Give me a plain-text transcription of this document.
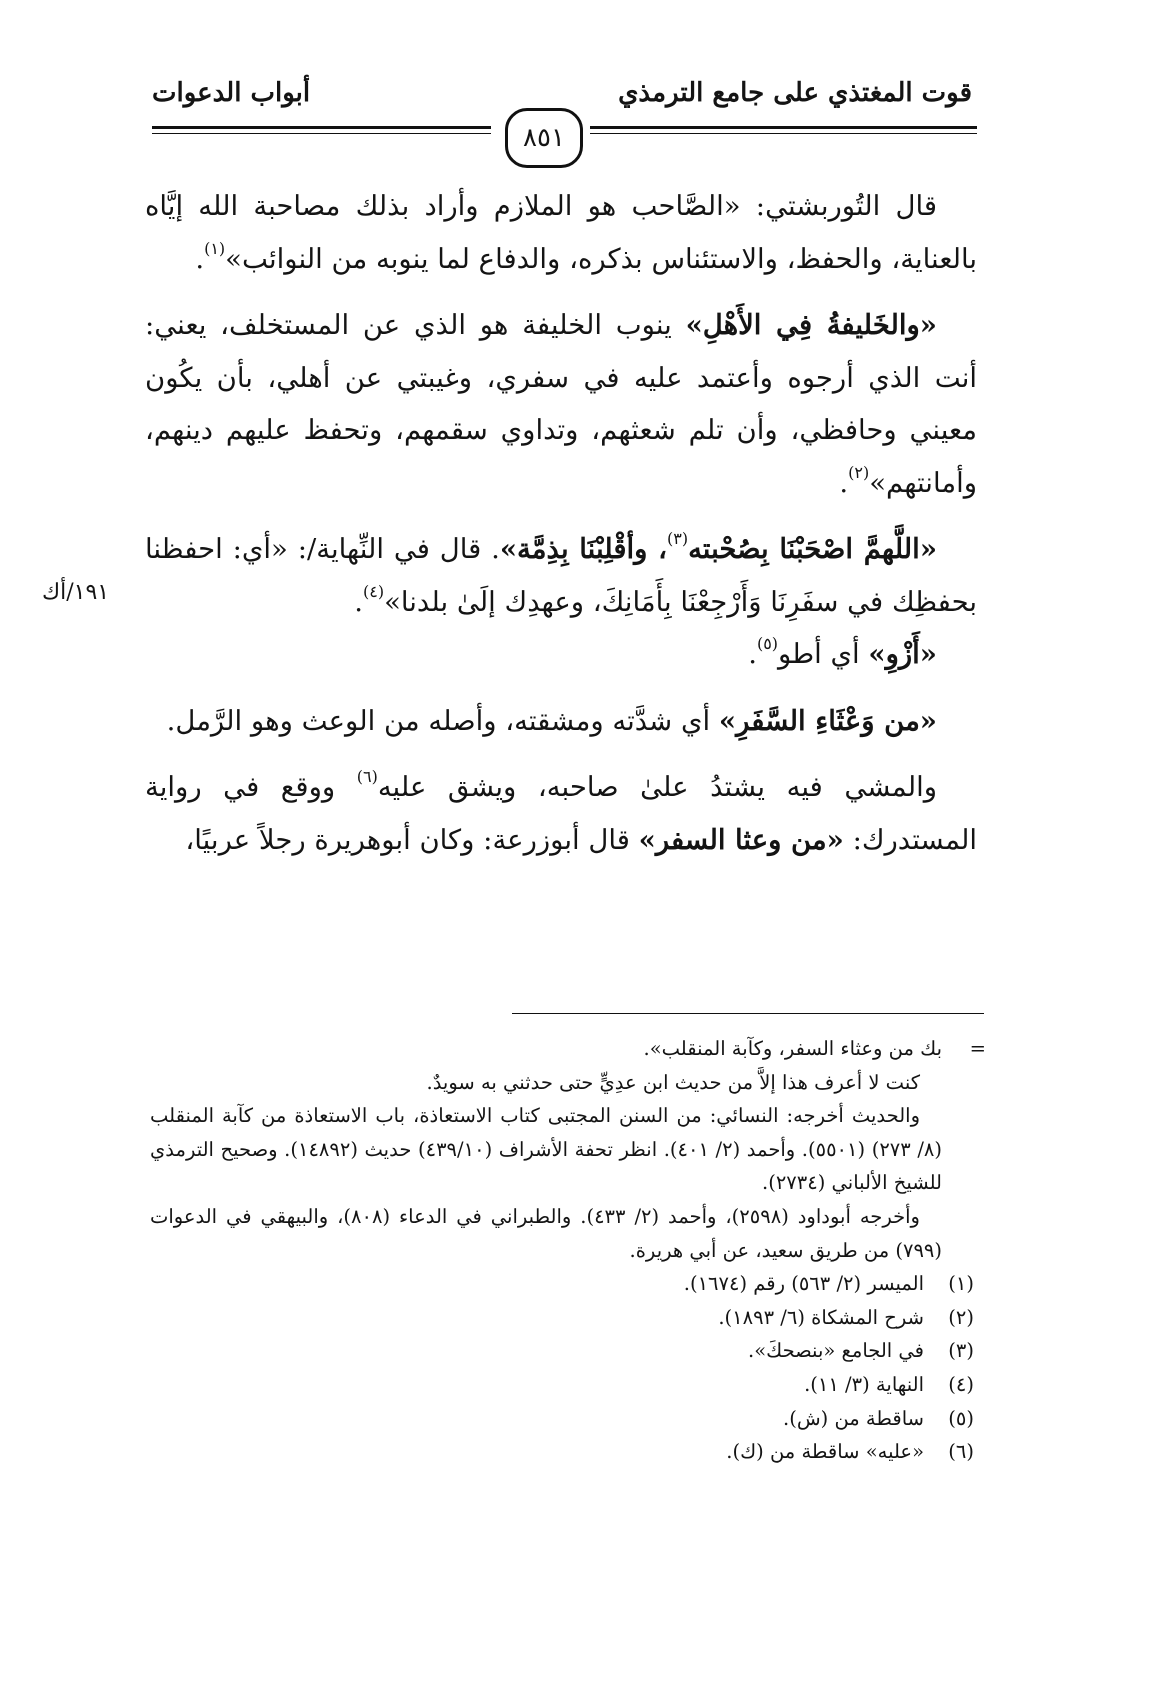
قوت المغتذي على جامع الترمذي
أبواب الدعوات
٨٥١
١٩١/أك

قال التُوربشتي: «الصَّاحب هو الملازم وأراد بذلك مصاحبة الله إيَّاه بالعناية، والحفظ، والاستئناس بذكره، والدفاع لما ينوبه من النوائب»$^{(١)}$.

«والخَليفةُ فِي الأَهْلِ» ينوب الخليفة هو الذي عن المستخلف، يعني: أنت الذي أرجوه وأعتمد عليه في سفري، وغيبتي عن أهلي، بأن يكُون معيني وحافظي، وأن تلم شعثهم، وتداوي سقمهم، وتحفظ عليهم دينهم، وأمانتهم»$^{(٢)}$.

«اللَّهمَّ اصْحَبْنَا بِصُحْبته$^{(٣)}$، وأقْلِبْنَا بِذِمَّة». قال في النِّهاية/: «أي: احفظنا بحفظِك في سفَرِنَا وَأَرْجِعْنَا بِأَمَانِكَ، وعهدِك إلَىٰ بلدنا»$^{(٤)}$.

«أَزْوِ» أي أطو$^{(٥)}$.

«من وَعْثَاءِ السَّفَرِ» أي شدَّته ومشقته، وأصله من الوعث وهو الرَّمل.

والمشي فيه يشتدُ علىٰ صاحبه، ويشق عليه$^{(٦)}$ ووقع في رواية المستدرك: «من وعثا السفر» قال أبوزرعة: وكان أبوهريرة رجلاً عربيًا،

=

بك من وعثاء السفر، وكآبة المنقلب».

كنت لا أعرف هذا إلاَّ من حديث ابن عدِيٍّ حتى حدثني به سويدٌ.

والحديث أخرجه: النسائي: من السنن المجتبى كتاب الاستعاذة، باب الاستعاذة من كآبة المنقلب (٨/ ٢٧٣) (٥٥٠١). وأحمد (٢/ ٤٠١). انظر تحفة الأشراف (٤٣٩/١٠) حديث (١٤٨٩٢). وصحيح الترمذي للشيخ الألباني (٢٧٣٤).

وأخرجه أبوداود (٢٥٩٨)، وأحمد (٢/ ٤٣٣). والطبراني في الدعاء (٨٠٨)، والبيهقي في الدعوات (٧٩٩) من طريق سعيد، عن أبي هريرة.

(١)
الميسر (٢/ ٥٦٣) رقم (١٦٧٤).
(٢)
شرح المشكاة (٦/ ١٨٩٣).
(٣)
في الجامع «بنصحكَ».
(٤)
النهاية (٣/ ١١).
(٥)
ساقطة من (ش).
(٦)
«عليه» ساقطة من (ك).
